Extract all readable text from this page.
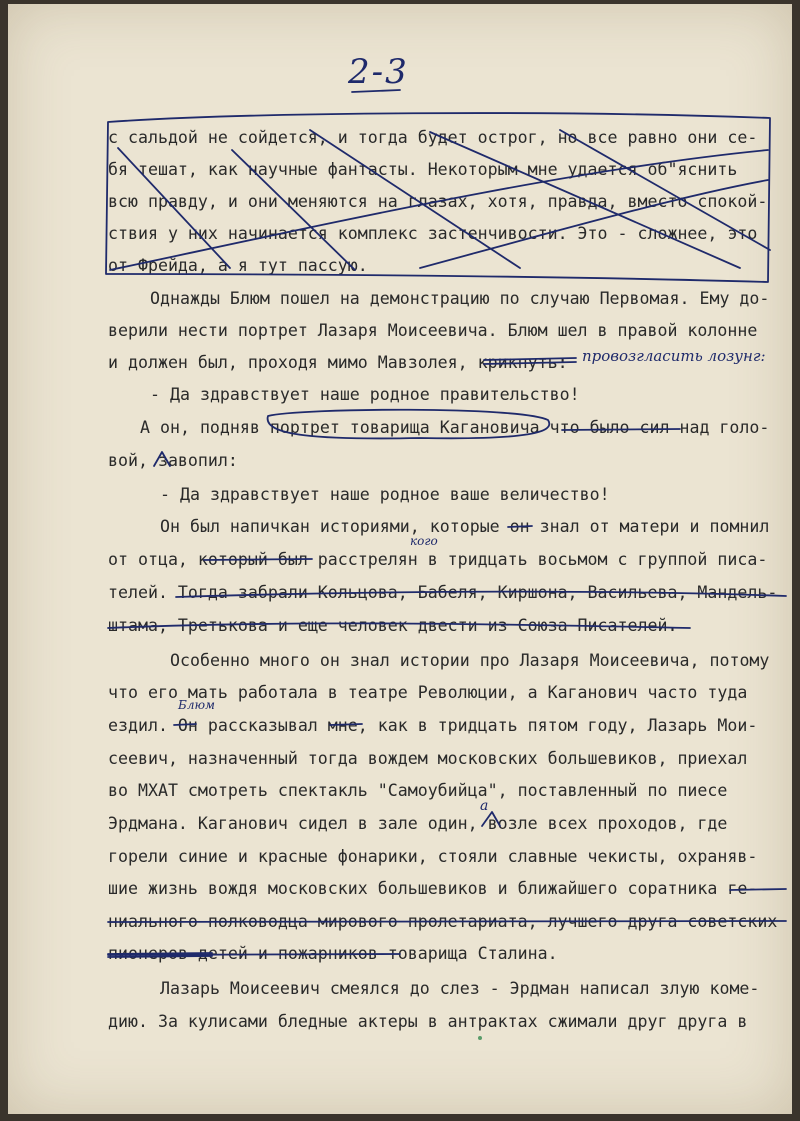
2-3
с сальдой не сойдется, и тогда будет острог, но все равно они се-
бя тешат, как научные фантасты. Некоторым мне удается об"яснить
всю правду, и они меняются на глазах, хотя, правда, вместо спокой-
ствия у них начинается комплекс застенчивости. Это - сложнее, это
от Фрейда, а я тут пассую.
Однажды Блюм пошел на демонстрацию по случаю Первомая. Ему до-
верили нести портрет Лазаря Моисеевича. Блюм шел в правой колонне
и должен был, проходя мимо Мавзолея, крикнуть:
- Да здравствует наше родное правительство!
А он, подняв портрет товарища Кагановича что было сил над голо-
вой, завопил:
- Да здравствует наше родное ваше величество!
Он был напичкан историями, которые он знал от матери и помнил
от отца, который был расстрелян в тридцать восьмом с группой писа-
телей. Тогда забрали Кольцова, Бабеля, Киршона, Васильева, Мандель-
штама, Третькова и еще человек двести из Союза Писателей.
Особенно много он знал истории про Лазаря Моисеевича, потому
что его мать работала в театре Революции, а Каганович часто туда
ездил. Он рассказывал мне, как в тридцать пятом году, Лазарь Мои-
сеевич, назначенный тогда вождем московских большевиков, приехал
во МХАТ смотреть спектакль "Самоубийца", поставленный по пиесе
Эрдмана. Каганович сидел в зале один, возле всех проходов, где
горели синие и красные фонарики, стояли славные чекисты, охраняв-
шие жизнь вождя московских большевиков и ближайшего соратника ге-
ниального полководца мирового пролетариата, лучшего друга советских
пионеров детей и пожарников товарища Сталина.
Лазарь Моисеевич смеялся до слез - Эрдман написал злую коме-
дию. За кулисами бледные актеры в антрактах сжимали друг друга в
провозгласить лозунг:
кого
Блюм
а
